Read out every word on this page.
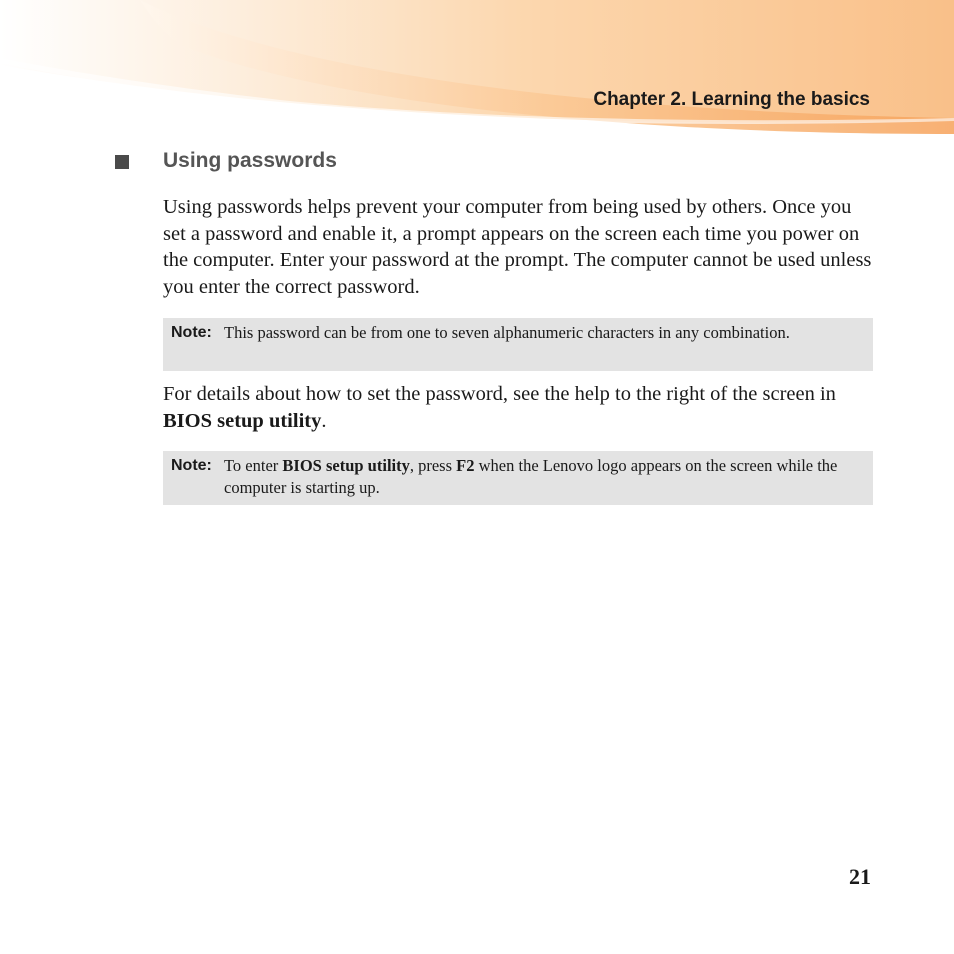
Chapter 2. Learning the basics
Using passwords

Using passwords helps prevent your computer from being used by others. Once you set a password and enable it, a prompt appears on the screen each time you power on the computer. Enter your password at the prompt. The computer cannot be used unless you enter the correct password.

Note: This password can be from one to seven alphanumeric characters in any combination.

For details about how to set the password, see the help to the right of the screen in BIOS setup utility.

Note: To enter BIOS setup utility, press F2 when the Lenovo logo appears on the screen while the computer is starting up.
21
